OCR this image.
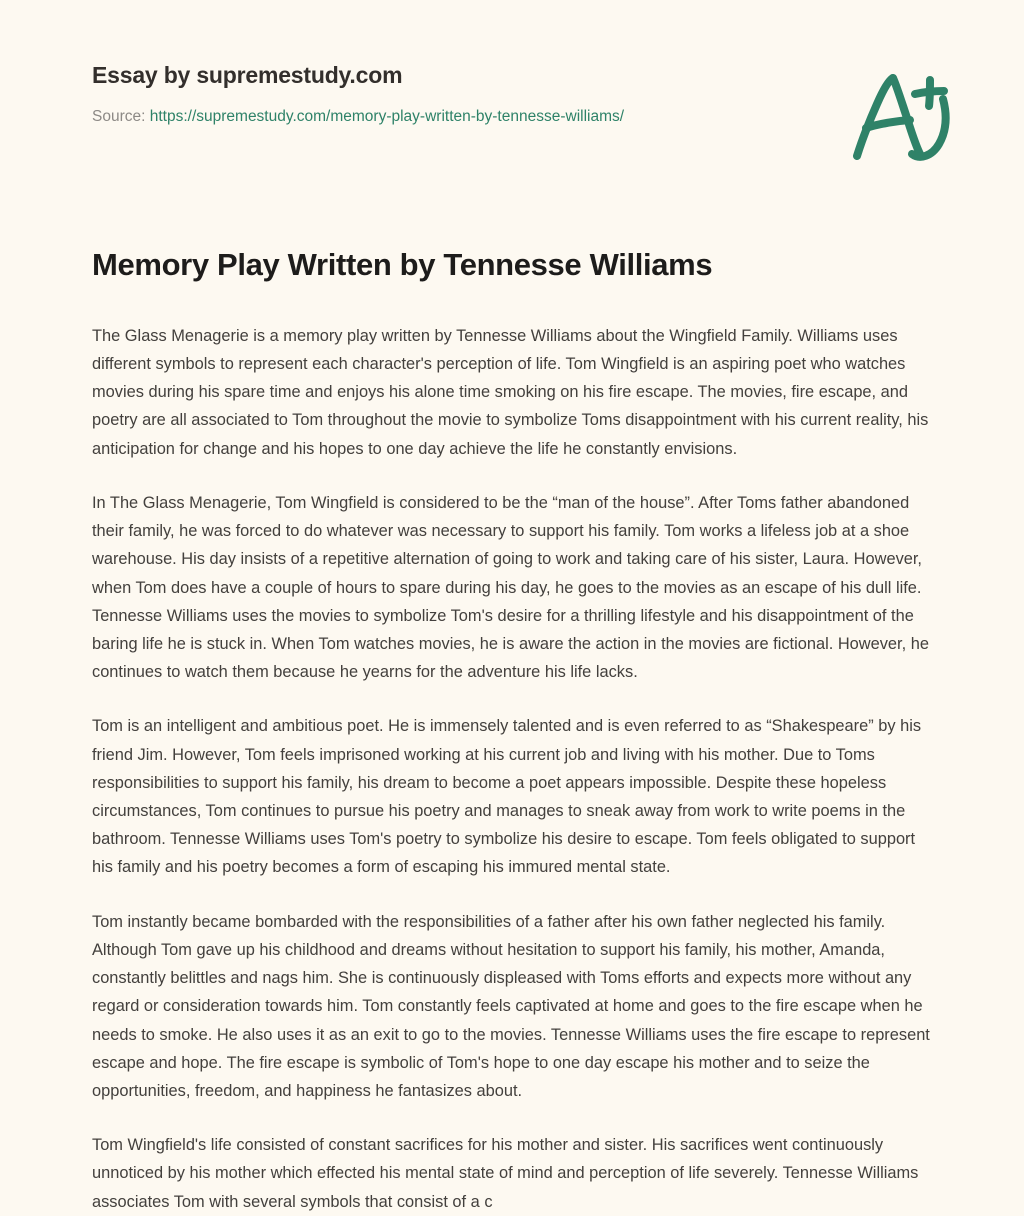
Essay by supremestudy.com
Source: https://supremestudy.com/memory-play-written-by-tennesse-williams/
Memory Play Written by Tennesse Williams

The Glass Menagerie is a memory play written by Tennesse Williams about the Wingfield Family. Williams uses different symbols to represent each character's perception of life. Tom Wingfield is an aspiring poet who watches movies during his spare time and enjoys his alone time smoking on his fire escape. The movies, fire escape, and poetry are all associated to Tom throughout the movie to symbolize Toms disappointment with his current reality, his anticipation for change and his hopes to one day achieve the life he constantly envisions.

In The Glass Menagerie, Tom Wingfield is considered to be the “man of the house”. After Toms father abandoned their family, he was forced to do whatever was necessary to support his family. Tom works a lifeless job at a shoe warehouse. His day insists of a repetitive alternation of going to work and taking care of his sister, Laura. However, when Tom does have a couple of hours to spare during his day, he goes to the movies as an escape of his dull life. Tennesse Williams uses the movies to symbolize Tom's desire for a thrilling lifestyle and his disappointment of the baring life he is stuck in. When Tom watches movies, he is aware the action in the movies are fictional. However, he continues to watch them because he yearns for the adventure his life lacks.

Tom is an intelligent and ambitious poet. He is immensely talented and is even referred to as “Shakespeare” by his friend Jim. However, Tom feels imprisoned working at his current job and living with his mother. Due to Toms responsibilities to support his family, his dream to become a poet appears impossible. Despite these hopeless circumstances, Tom continues to pursue his poetry and manages to sneak away from work to write poems in the bathroom. Tennesse Williams uses Tom's poetry to symbolize his desire to escape. Tom feels obligated to support his family and his poetry becomes a form of escaping his immured mental state.

Tom instantly became bombarded with the responsibilities of a father after his own father neglected his family. Although Tom gave up his childhood and dreams without hesitation to support his family, his mother, Amanda, constantly belittles and nags him. She is continuously displeased with Toms efforts and expects more without any regard or consideration towards him. Tom constantly feels captivated at home and goes to the fire escape when he needs to smoke. He also uses it as an exit to go to the movies. Tennesse Williams uses the fire escape to represent escape and hope. The fire escape is symbolic of Tom's hope to one day escape his mother and to seize the opportunities, freedom, and happiness he fantasizes about.

Tom Wingfield's life consisted of constant sacrifices for his mother and sister. His sacrifices went continuously unnoticed by his mother which effected his mental state of mind and perception of life severely. Tennesse Williams associates Tom with several symbols that consist of a c
